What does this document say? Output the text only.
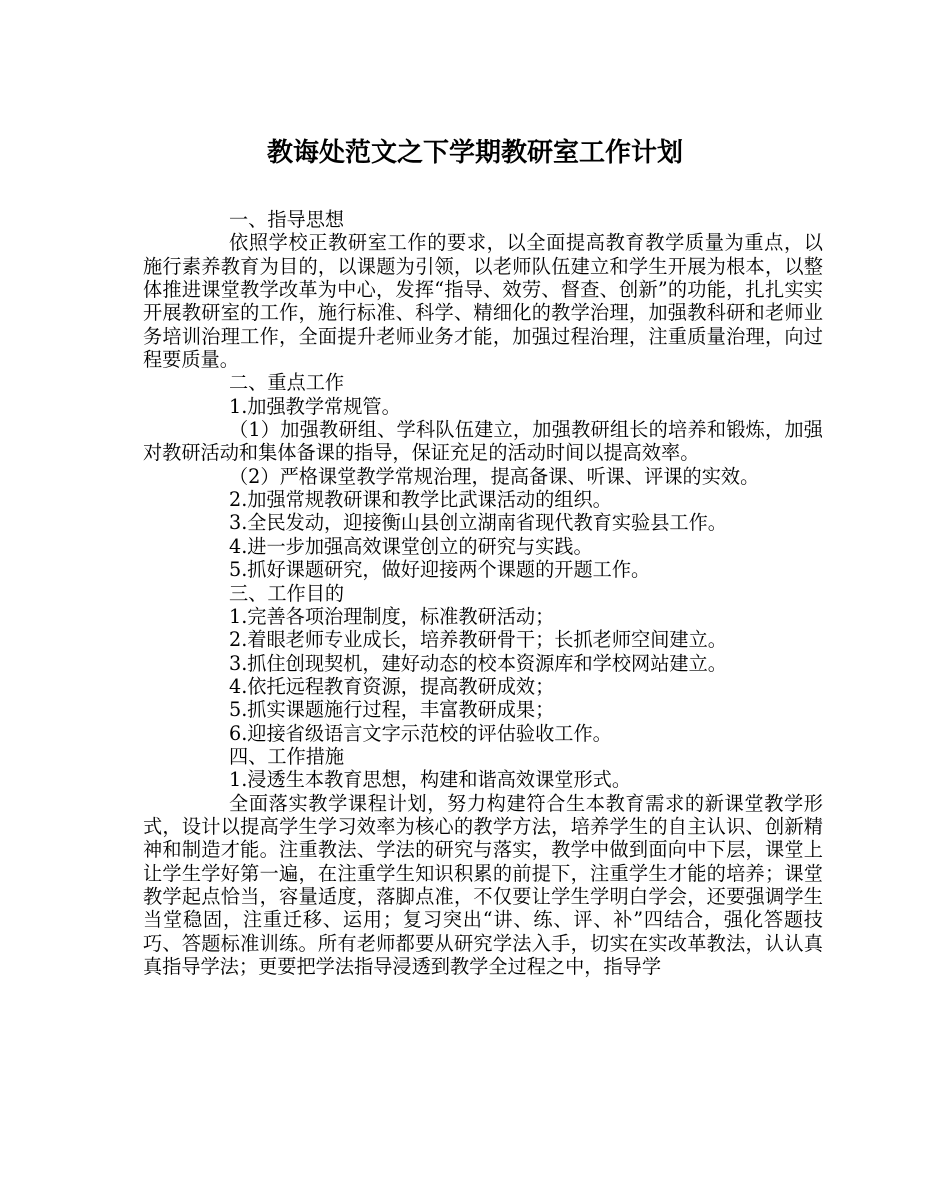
教诲处范文之下学期教研室工作计划

一、指导思想

依照学校正教研室工作的要求，以全面提高教育教学质量为重点，以施行素养教育为目的，以课题为引领，以老师队伍建立和学生开展为根本，以整体推进课堂教学改革为中心，发挥“指导、效劳、督查、创新”的功能，扎扎实实开展教研室的工作，施行标准、科学、精细化的教学治理，加强教科研和老师业务培训治理工作，全面提升老师业务才能，加强过程治理，注重质量治理，向过程要质量。

二、重点工作

1.加强教学常规管。

（1）加强教研组、学科队伍建立，加强教研组长的培养和锻炼，加强对教研活动和集体备课的指导，保证充足的活动时间以提高效率。

（2）严格课堂教学常规治理，提高备课、听课、评课的实效。

2.加强常规教研课和教学比武课活动的组织。

3.全民发动，迎接衡山县创立湖南省现代教育实验县工作。

4.进一步加强高效课堂创立的研究与实践。

5.抓好课题研究，做好迎接两个课题的开题工作。

三、工作目的

1.完善各项治理制度，标准教研活动；

2.着眼老师专业成长，培养教研骨干；长抓老师空间建立。

3.抓住创现契机，建好动态的校本资源库和学校网站建立。

4.依托远程教育资源，提高教研成效；

5.抓实课题施行过程，丰富教研成果；

6.迎接省级语言文字示范校的评估验收工作。

四、工作措施

1.浸透生本教育思想，构建和谐高效课堂形式。

全面落实教学课程计划，努力构建符合生本教育需求的新课堂教学形式，设计以提高学生学习效率为核心的教学方法，培养学生的自主认识、创新精神和制造才能。注重教法、学法的研究与落实，教学中做到面向中下层，课堂上让学生学好第一遍，在注重学生知识积累的前提下，注重学生才能的培养；课堂教学起点恰当，容量适度，落脚点准，不仅要让学生学明白学会，还要强调学生当堂稳固，注重迁移、运用；复习突出“讲、练、评、补”四结合，强化答题技巧、答题标准训练。所有老师都要从研究学法入手，切实在实改革教法，认认真真指导学法；更要把学法指导浸透到教学全过程之中，指导学
